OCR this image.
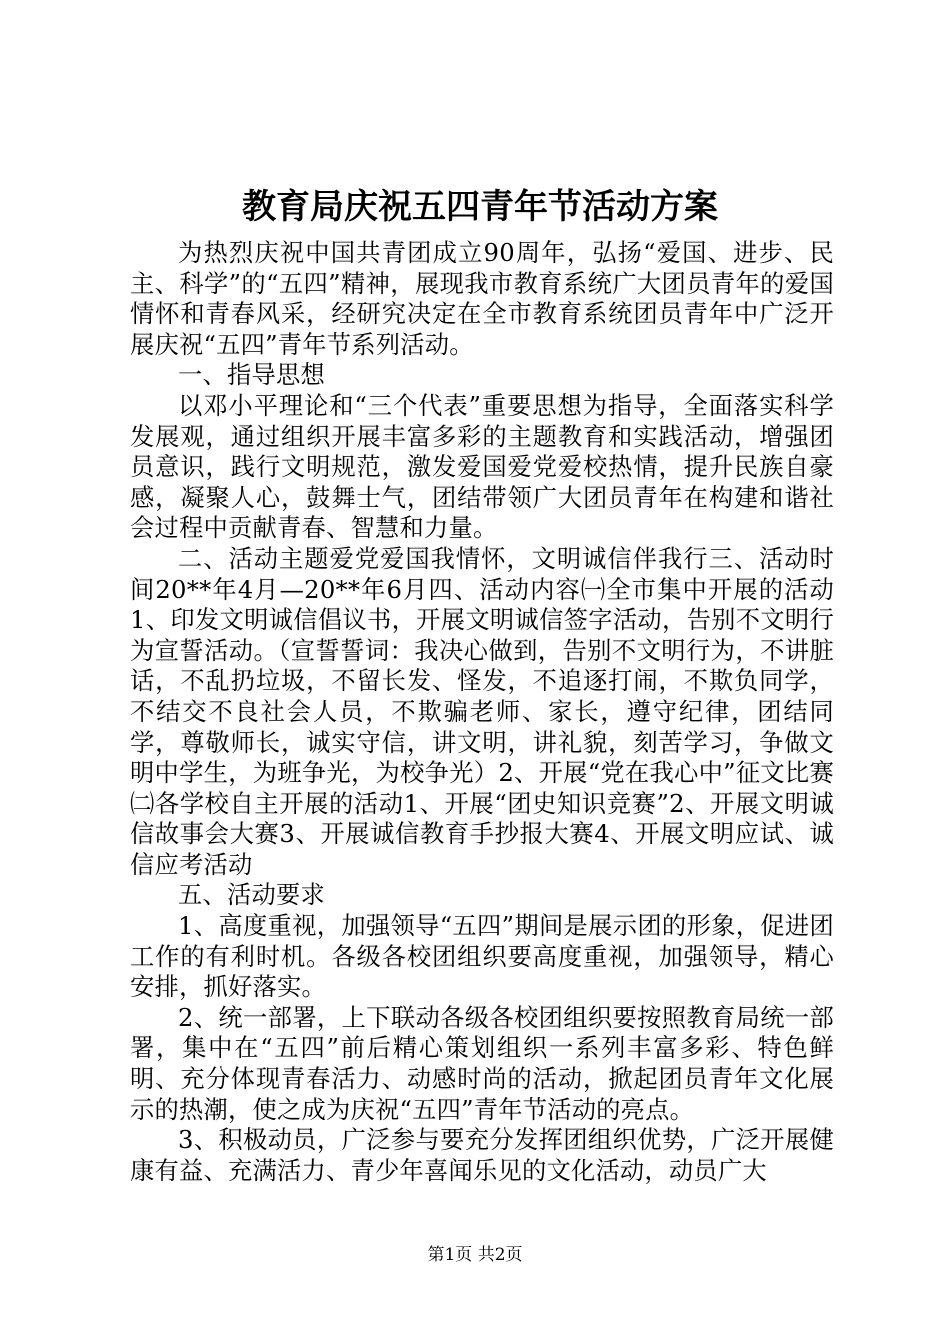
教育局庆祝五四青年节活动方案

为热烈庆祝中国共青团成立90周年，弘扬“爱国、进步、民主、科学”的“五四”精神，展现我市教育系统广大团员青年的爱国情怀和青春风采，经研究决定在全市教育系统团员青年中广泛开展庆祝“五四”青年节系列活动。

一、指导思想

以邓小平理论和“三个代表”重要思想为指导，全面落实科学发展观，通过组织开展丰富多彩的主题教育和实践活动，增强团员意识，践行文明规范，激发爱国爱党爱校热情，提升民族自豪感，凝聚人心，鼓舞士气，团结带领广大团员青年在构建和谐社会过程中贡献青春、智慧和力量。

二、活动主题爱党爱国我情怀，文明诚信伴我行三、活动时间20**年4月—20**年6月四、活动内容㈠全市集中开展的活动1、印发文明诚信倡议书，开展文明诚信签字活动，告别不文明行为宣誓活动。（宣誓誓词：我决心做到，告别不文明行为，不讲脏话，不乱扔垃圾，不留长发、怪发，不追逐打闹，不欺负同学，不结交不良社会人员，不欺骗老师、家长，遵守纪律，团结同学，尊敬师长，诚实守信，讲文明，讲礼貌，刻苦学习，争做文明中学生，为班争光，为校争光）2、开展“党在我心中”征文比赛㈡各学校自主开展的活动1、开展“团史知识竞赛”2、开展文明诚信故事会大赛3、开展诚信教育手抄报大赛4、开展文明应试、诚信应考活动

五、活动要求

1、高度重视，加强领导“五四”期间是展示团的形象，促进团工作的有利时机。各级各校团组织要高度重视，加强领导，精心安排，抓好落实。

2、统一部署，上下联动各级各校团组织要按照教育局统一部署，集中在“五四”前后精心策划组织一系列丰富多彩、特色鲜明、充分体现青春活力、动感时尚的活动，掀起团员青年文化展示的热潮，使之成为庆祝“五四”青年节活动的亮点。

3、积极动员，广泛参与要充分发挥团组织优势，广泛开展健康有益、充满活力、青少年喜闻乐见的文化活动，动员广大

第1页 共2页
